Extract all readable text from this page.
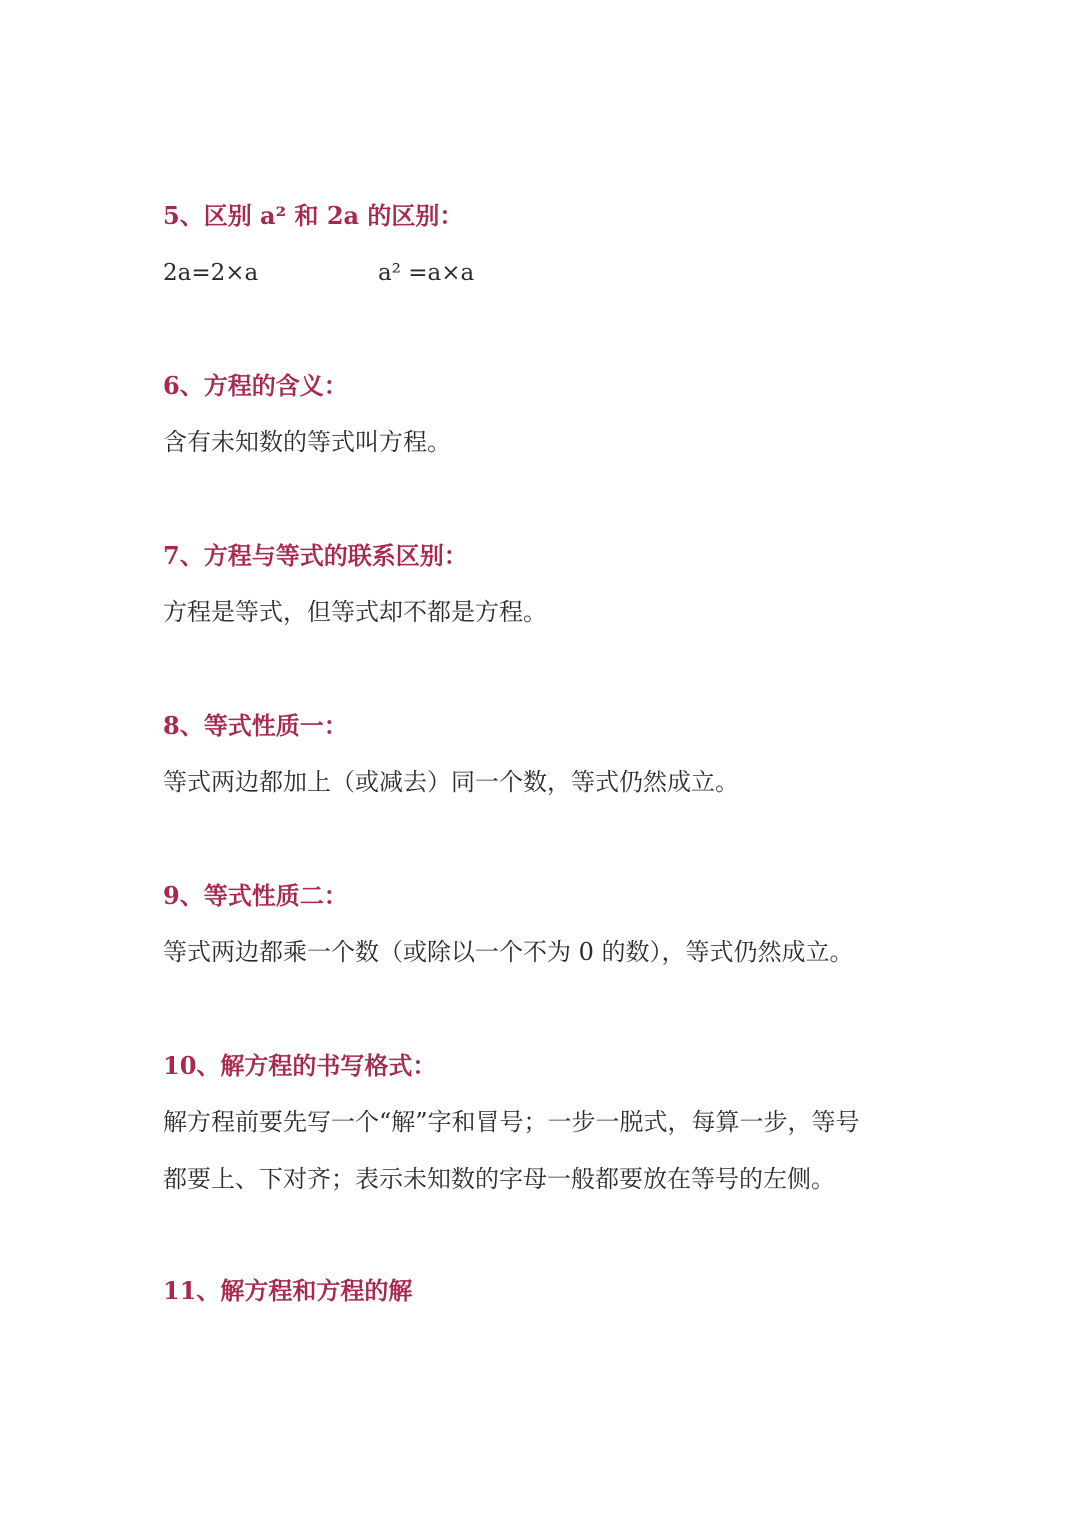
5、区别 a² 和 2a 的区别：
2a=2×a	a² =a×a
6、方程的含义：
含有未知数的等式叫方程。
7、方程与等式的联系区别：
方程是等式，但等式却不都是方程。
8、等式性质一：
等式两边都加上（或减去）同一个数，等式仍然成立。
9、等式性质二：
等式两边都乘一个数（或除以一个不为 0 的数），等式仍然成立。
10、解方程的书写格式：
解方程前要先写一个“解”字和冒号；一步一脱式，每算一步，等号
都要上、下对齐；表示未知数的字母一般都要放在等号的左侧。
11、解方程和方程的解
